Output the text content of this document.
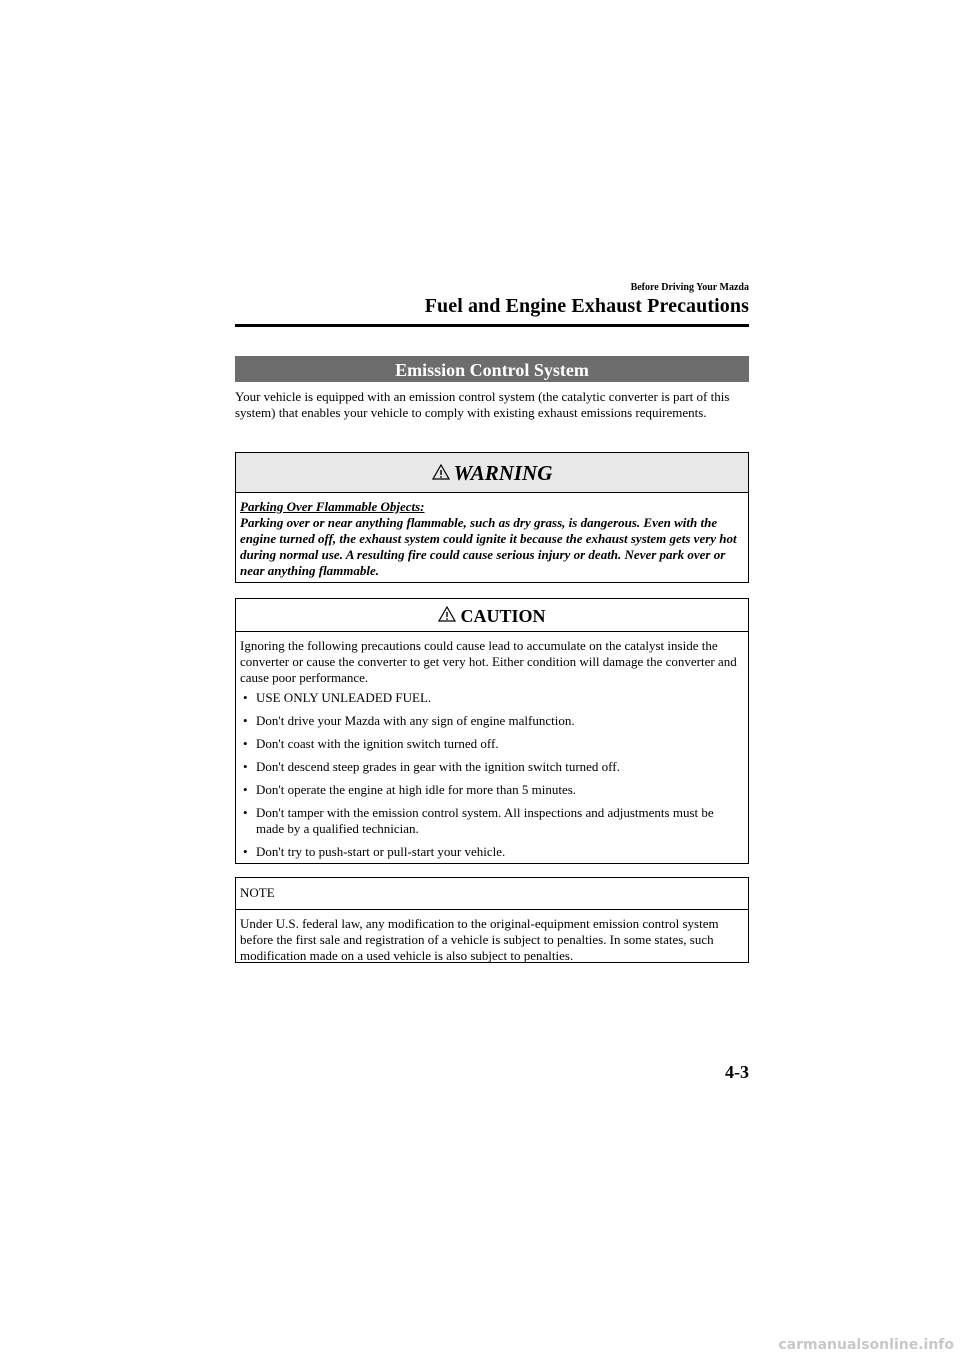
Before Driving Your Mazda
Fuel and Engine Exhaust Precautions
Emission Control System

Your vehicle is equipped with an emission control system (the catalytic converter is part of this system) that enables your vehicle to comply with existing exhaust emissions requirements.

WARNING
Parking Over Flammable Objects:
Parking over or near anything flammable, such as dry grass, is dangerous. Even with the engine turned off, the exhaust system could ignite it because the exhaust system gets very hot during normal use. A resulting fire could cause serious injury or death. Never park over or near anything flammable.
CAUTION
Ignoring the following precautions could cause lead to accumulate on the catalyst inside the converter or cause the converter to get very hot. Either condition will damage the converter and cause poor performance.
• USE ONLY UNLEADED FUEL.
• Don't drive your Mazda with any sign of engine malfunction.
• Don't coast with the ignition switch turned off.
• Don't descend steep grades in gear with the ignition switch turned off.
• Don't operate the engine at high idle for more than 5 minutes.
• Don't tamper with the emission control system. All inspections and adjustments must be made by a qualified technician.
• Don't try to push-start or pull-start your vehicle.
NOTE
Under U.S. federal law, any modification to the original-equipment emission control system before the first sale and registration of a vehicle is subject to penalties. In some states, such modification made on a used vehicle is also subject to penalties.
4-3
carmanualsonline.info
